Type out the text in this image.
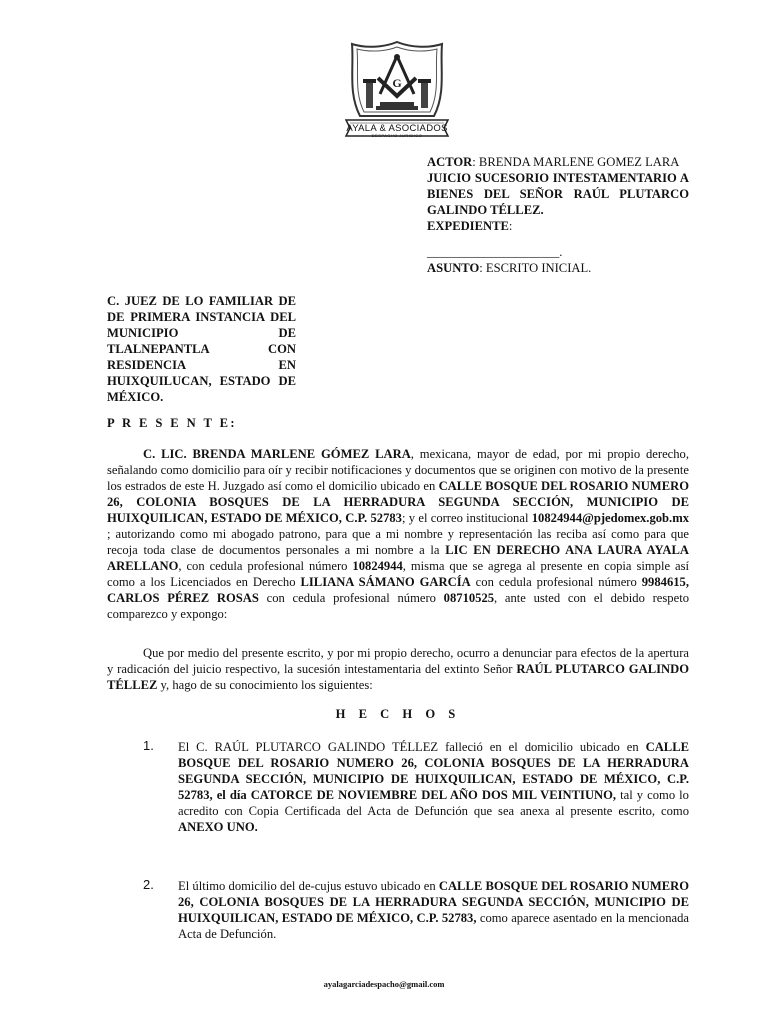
G
AYALA & ASOCIADOS
DESPACHO JURIDICO

ACTOR: BRENDA MARLENE GOMEZ LARA

JUICIO SUCESORIO INTESTAMENTARIO A BIENES DEL SEÑOR RAÚL PLUTARCO GALINDO TÉLLEZ.

EXPEDIENTE:

_____________________.

ASUNTO: ESCRITO INICIAL.

C. JUEZ DE LO FAMILIAR DE DE PRIMERA INSTANCIA DEL MUNICIPIO DE TLALNEPANTLA CON RESIDENCIA EN HUIXQUILUCAN, ESTADO DE MÉXICO.
P R E S E N T E:
C. LIC. BRENDA MARLENE GÓMEZ LARA, mexicana, mayor de edad, por mi propio derecho, señalando como domicilio para oír y recibir notificaciones y documentos que se originen con motivo de la presente los estrados de este H. Juzgado así como el domicilio ubicado en CALLE BOSQUE DEL ROSARIO NUMERO 26, COLONIA BOSQUES DE LA HERRADURA SEGUNDA SECCIÓN, MUNICIPIO DE HUIXQUILICAN, ESTADO DE MÉXICO, C.P. 52783; y el correo institucional 10824944@pjedomex.gob.mx ; autorizando como mi abogado patrono, para que a mi nombre y representación las reciba así como para que recoja toda clase de documentos personales a mi nombre a la LIC EN DERECHO ANA LAURA AYALA ARELLANO, con cedula profesional número 10824944, misma que se agrega al presente en copia simple así como a los Licenciados en Derecho LILIANA SÁMANO GARCÍA con cedula profesional número 9984615, CARLOS PÉREZ ROSAS con cedula profesional número 08710525, ante usted con el debido respeto comparezco y expongo:
Que por medio del presente escrito, y por mi propio derecho, ocurro a denunciar para efectos de la apertura y radicación del juicio respectivo, la sucesión intestamentaria del extinto Señor RAÚL PLUTARCO GALINDO TÉLLEZ y, hago de su conocimiento los siguientes:
H E C H O S
1. El C. RAÚL PLUTARCO GALINDO TÉLLEZ falleció en el domicilio ubicado en CALLE BOSQUE DEL ROSARIO NUMERO 26, COLONIA BOSQUES DE LA HERRADURA SEGUNDA SECCIÓN, MUNICIPIO DE HUIXQUILICAN, ESTADO DE MÉXICO, C.P. 52783, el día CATORCE DE NOVIEMBRE DEL AÑO DOS MIL VEINTIUNO, tal y como lo acredito con Copia Certificada del Acta de Defunción que sea anexa al presente escrito, como ANEXO UNO.
2. El último domicilio del de-cujus estuvo ubicado en CALLE BOSQUE DEL ROSARIO NUMERO 26, COLONIA BOSQUES DE LA HERRADURA SEGUNDA SECCIÓN, MUNICIPIO DE HUIXQUILICAN, ESTADO DE MÉXICO, C.P. 52783, como aparece asentado en la mencionada Acta de Defunción.
ayalagarciadespacho@gmail.com
